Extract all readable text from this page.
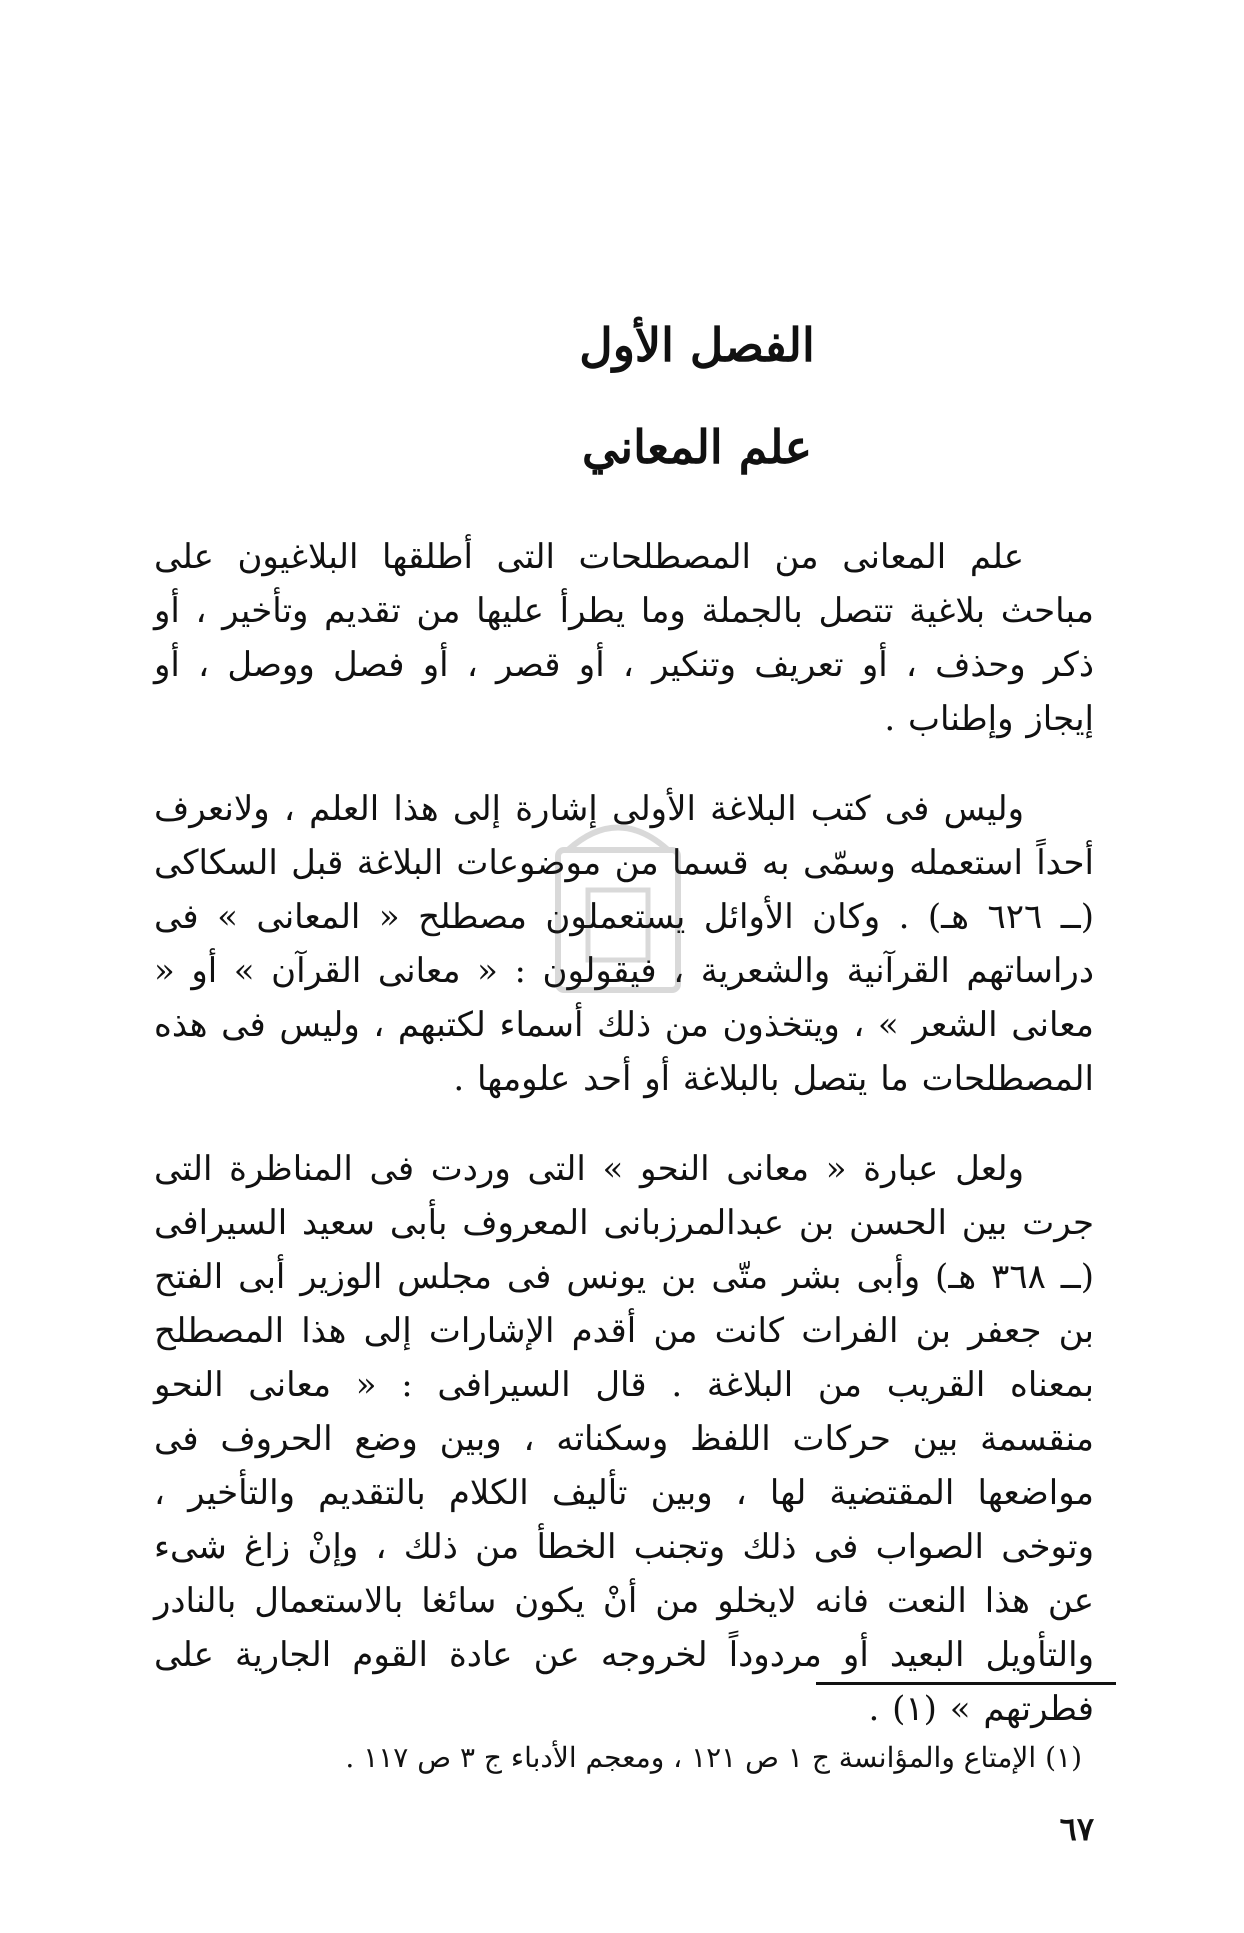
الفصل الأول
علم المعاني

علم المعانى من المصطلحات التى أطلقها البلاغيون على مباحث بلاغية تتصل بالجملة وما يطرأ عليها من تقديم وتأخير ، أو ذكر وحذف ، أو تعريف وتنكير ، أو قصر ، أو فصل ووصل ، أو إيجاز وإطناب .

وليس فى كتب البلاغة الأولى إشارة إلى هذا العلم ، ولانعرف أحداً استعمله وسمّى به قسما من موضوعات البلاغة قبل السكاكى (ــ ٦٢٦ هـ) . وكان الأوائل يستعملون مصطلح « المعانى » فى دراساتهم القرآنية والشعرية ، فيقولون : « معانى القرآن » أو « معانى الشعر » ، ويتخذون من ذلك أسماء لكتبهم ، وليس فى هذه المصطلحات ما يتصل بالبلاغة أو أحد علومها .

ولعل عبارة « معانى النحو » التى وردت فى المناظرة التى جرت بين الحسن بن عبدالمرزبانى المعروف بأبى سعيد السيرافى (ــ ٣٦٨ هـ) وأبى بشر متّى بن يونس فى مجلس الوزير أبى الفتح بن جعفر بن الفرات كانت من أقدم الإشارات إلى هذا المصطلح بمعناه القريب من البلاغة . قال السيرافى : « معانى النحو منقسمة بين حركات اللفظ وسكناته ، وبين وضع الحروف فى مواضعها المقتضية لها ، وبين تأليف الكلام بالتقديم والتأخير ، وتوخى الصواب فى ذلك وتجنب الخطأ من ذلك ، وإنْ زاغ شىء عن هذا النعت فانه لايخلو من أنْ يكون سائغا بالاستعمال بالنادر والتأويل البعيد أو مردوداً لخروجه عن عادة القوم الجارية على فطرتهم » (١) .

(١) الإمتاع والمؤانسة ج ١ ص ١٢١ ، ومعجم الأدباء ج ٣ ص ١١٧ .

٦٧
